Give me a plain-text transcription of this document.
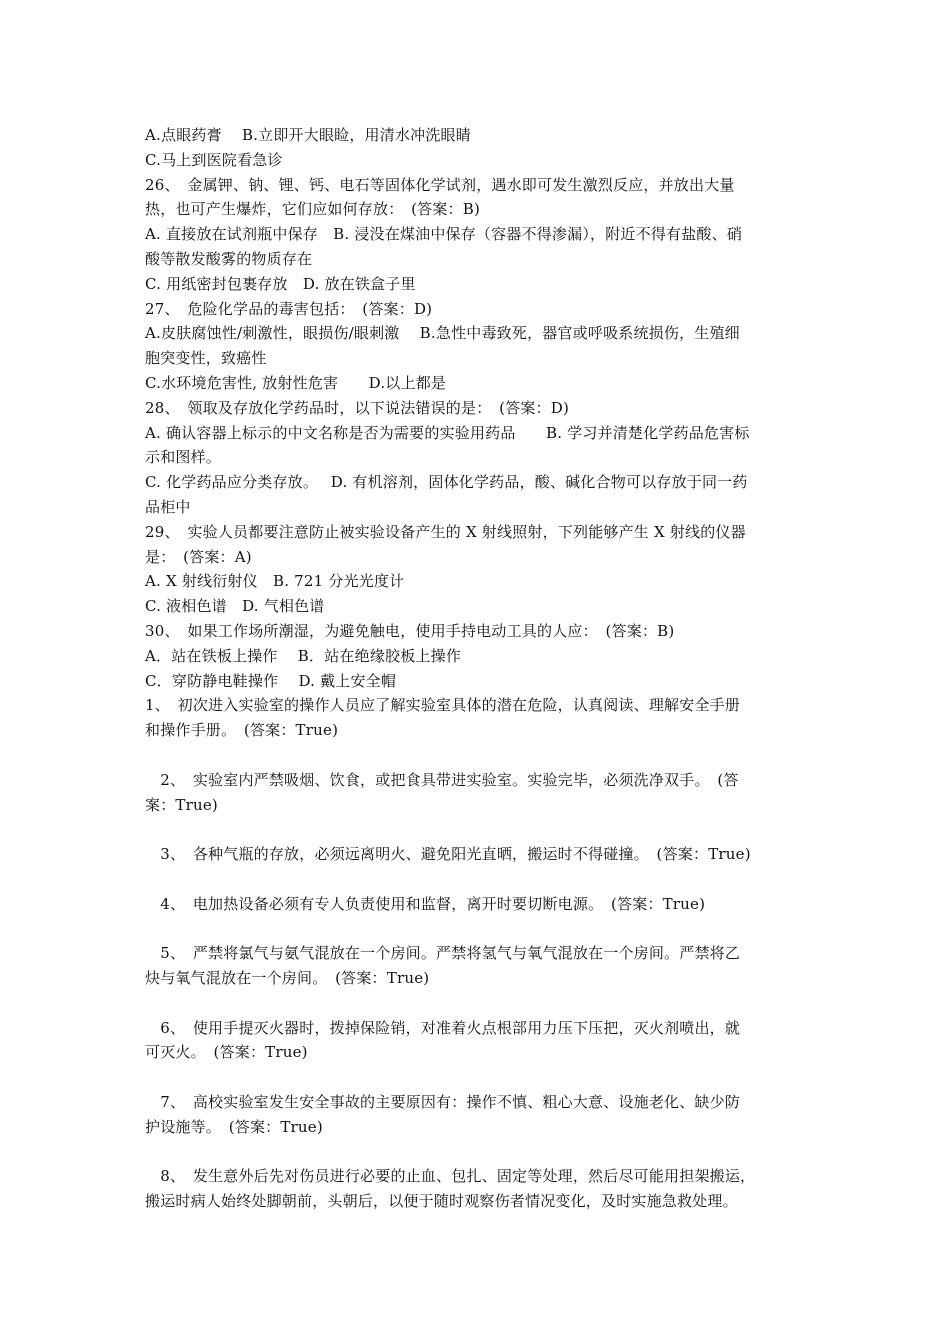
A.点眼药膏　 B.立即开大眼睑，用清水冲洗眼睛
C.马上到医院看急诊
26、　金属钾、钠、锂、钙、电石等固体化学试剂，遇水即可发生激烈反应，并放出大量
热，也可产生爆炸，它们应如何存放：　(答案：B)
A. 直接放在试剂瓶中保存　B. 浸没在煤油中保存（容器不得渗漏），附近不得有盐酸、硝
酸等散发酸雾的物质存在
C. 用纸密封包裹存放　D. 放在铁盒子里
27、　危险化学品的毒害包括：　(答案：D)
A.皮肤腐蚀性/刺激性，眼损伤/眼刺激　 B.急性中毒致死，器官或呼吸系统损伤，生殖细
胞突变性，致癌性
C.水环境危害性, 放射性危害　　D.以上都是
28、　领取及存放化学药品时，以下说法错误的是：　(答案：D)
A. 确认容器上标示的中文名称是否为需要的实验用药品　　B. 学习并清楚化学药品危害标
示和图样。
C. 化学药品应分类存放。　 D. 有机溶剂，固体化学药品，酸、碱化合物可以存放于同一药
品柜中
29、　实验人员都要注意防止被实验设备产生的 X 射线照射，下列能够产生 X 射线的仪器
是：　(答案：A)
A. X 射线衍射仪　B. 721 分光光度计
C. 液相色谱　D. 气相色谱
30、　如果工作场所潮湿，为避免触电，使用手持电动工具的人应：　(答案：B)
A．站在铁板上操作　 B．站在绝缘胶板上操作
C．穿防静电鞋操作　 D. 戴上安全帽
1、　初次进入实验室的操作人员应了解实验室具体的潜在危险，认真阅读、理解安全手册
和操作手册。　(答案：True)
　2、　实验室内严禁吸烟、饮食，或把食具带进实验室。实验完毕，必须洗净双手。　(答
案：True)
　3、　各种气瓶的存放，必须远离明火、避免阳光直晒，搬运时不得碰撞。　(答案：True)
　4、　电加热设备必须有专人负责使用和监督，离开时要切断电源。　(答案：True)
　5、　严禁将氯气与氨气混放在一个房间。严禁将氢气与氧气混放在一个房间。严禁将乙
炔与氧气混放在一个房间。　(答案：True)
　6、　使用手提灭火器时，拨掉保险销，对准着火点根部用力压下压把，灭火剂喷出，就
可灭火。　(答案：True)
　7、　高校实验室发生安全事故的主要原因有：操作不慎、粗心大意、设施老化、缺少防
护设施等。　(答案：True)
　8、　发生意外后先对伤员进行必要的止血、包扎、固定等处理，然后尽可能用担架搬运，
搬运时病人始终处脚朝前，头朝后，以便于随时观察伤者情况变化，及时实施急救处理。
